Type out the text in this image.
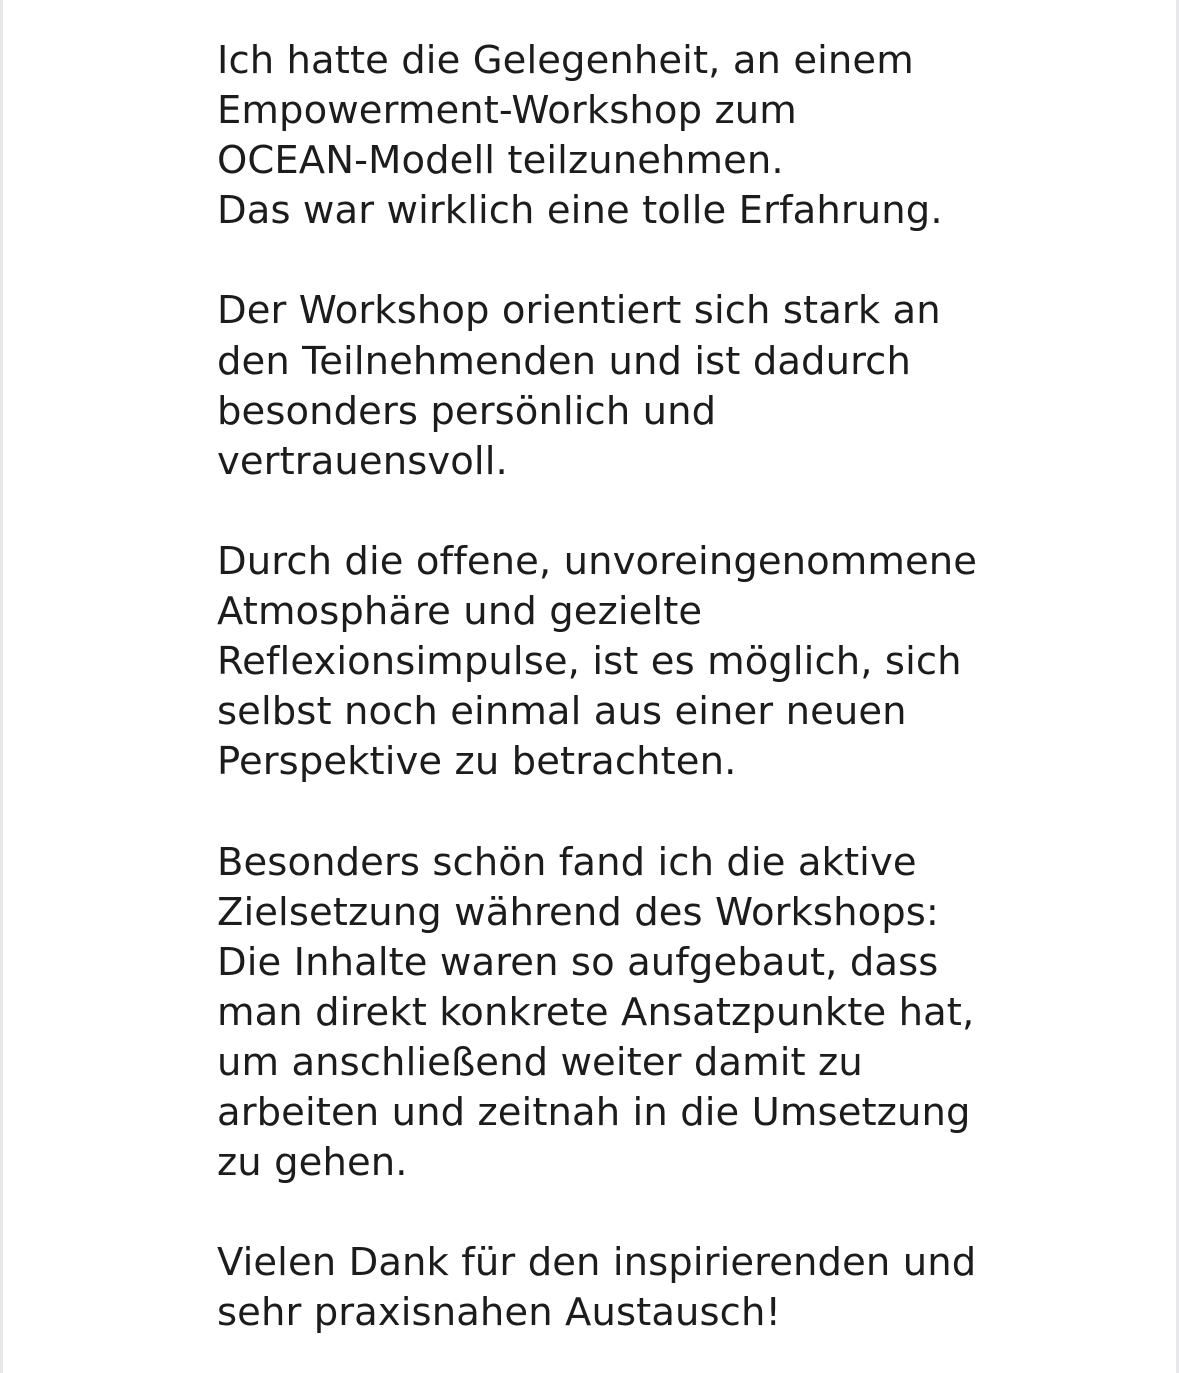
Ich hatte die Gelegenheit, an einem
Empowerment-Workshop zum
OCEAN-Modell teilzunehmen.
Das war wirklich eine tolle Erfahrung.

Der Workshop orientiert sich stark an
den Teilnehmenden und ist dadurch
besonders persönlich und
vertrauensvoll.

Durch die offene, unvoreingenommene
Atmosphäre und gezielte
Reflexionsimpulse, ist es möglich, sich
selbst noch einmal aus einer neuen
Perspektive zu betrachten.

Besonders schön fand ich die aktive
Zielsetzung während des Workshops:
Die Inhalte waren so aufgebaut, dass
man direkt konkrete Ansatzpunkte hat,
um anschließend weiter damit zu
arbeiten und zeitnah in die Umsetzung
zu gehen.

Vielen Dank für den inspirierenden und
sehr praxisnahen Austausch!
